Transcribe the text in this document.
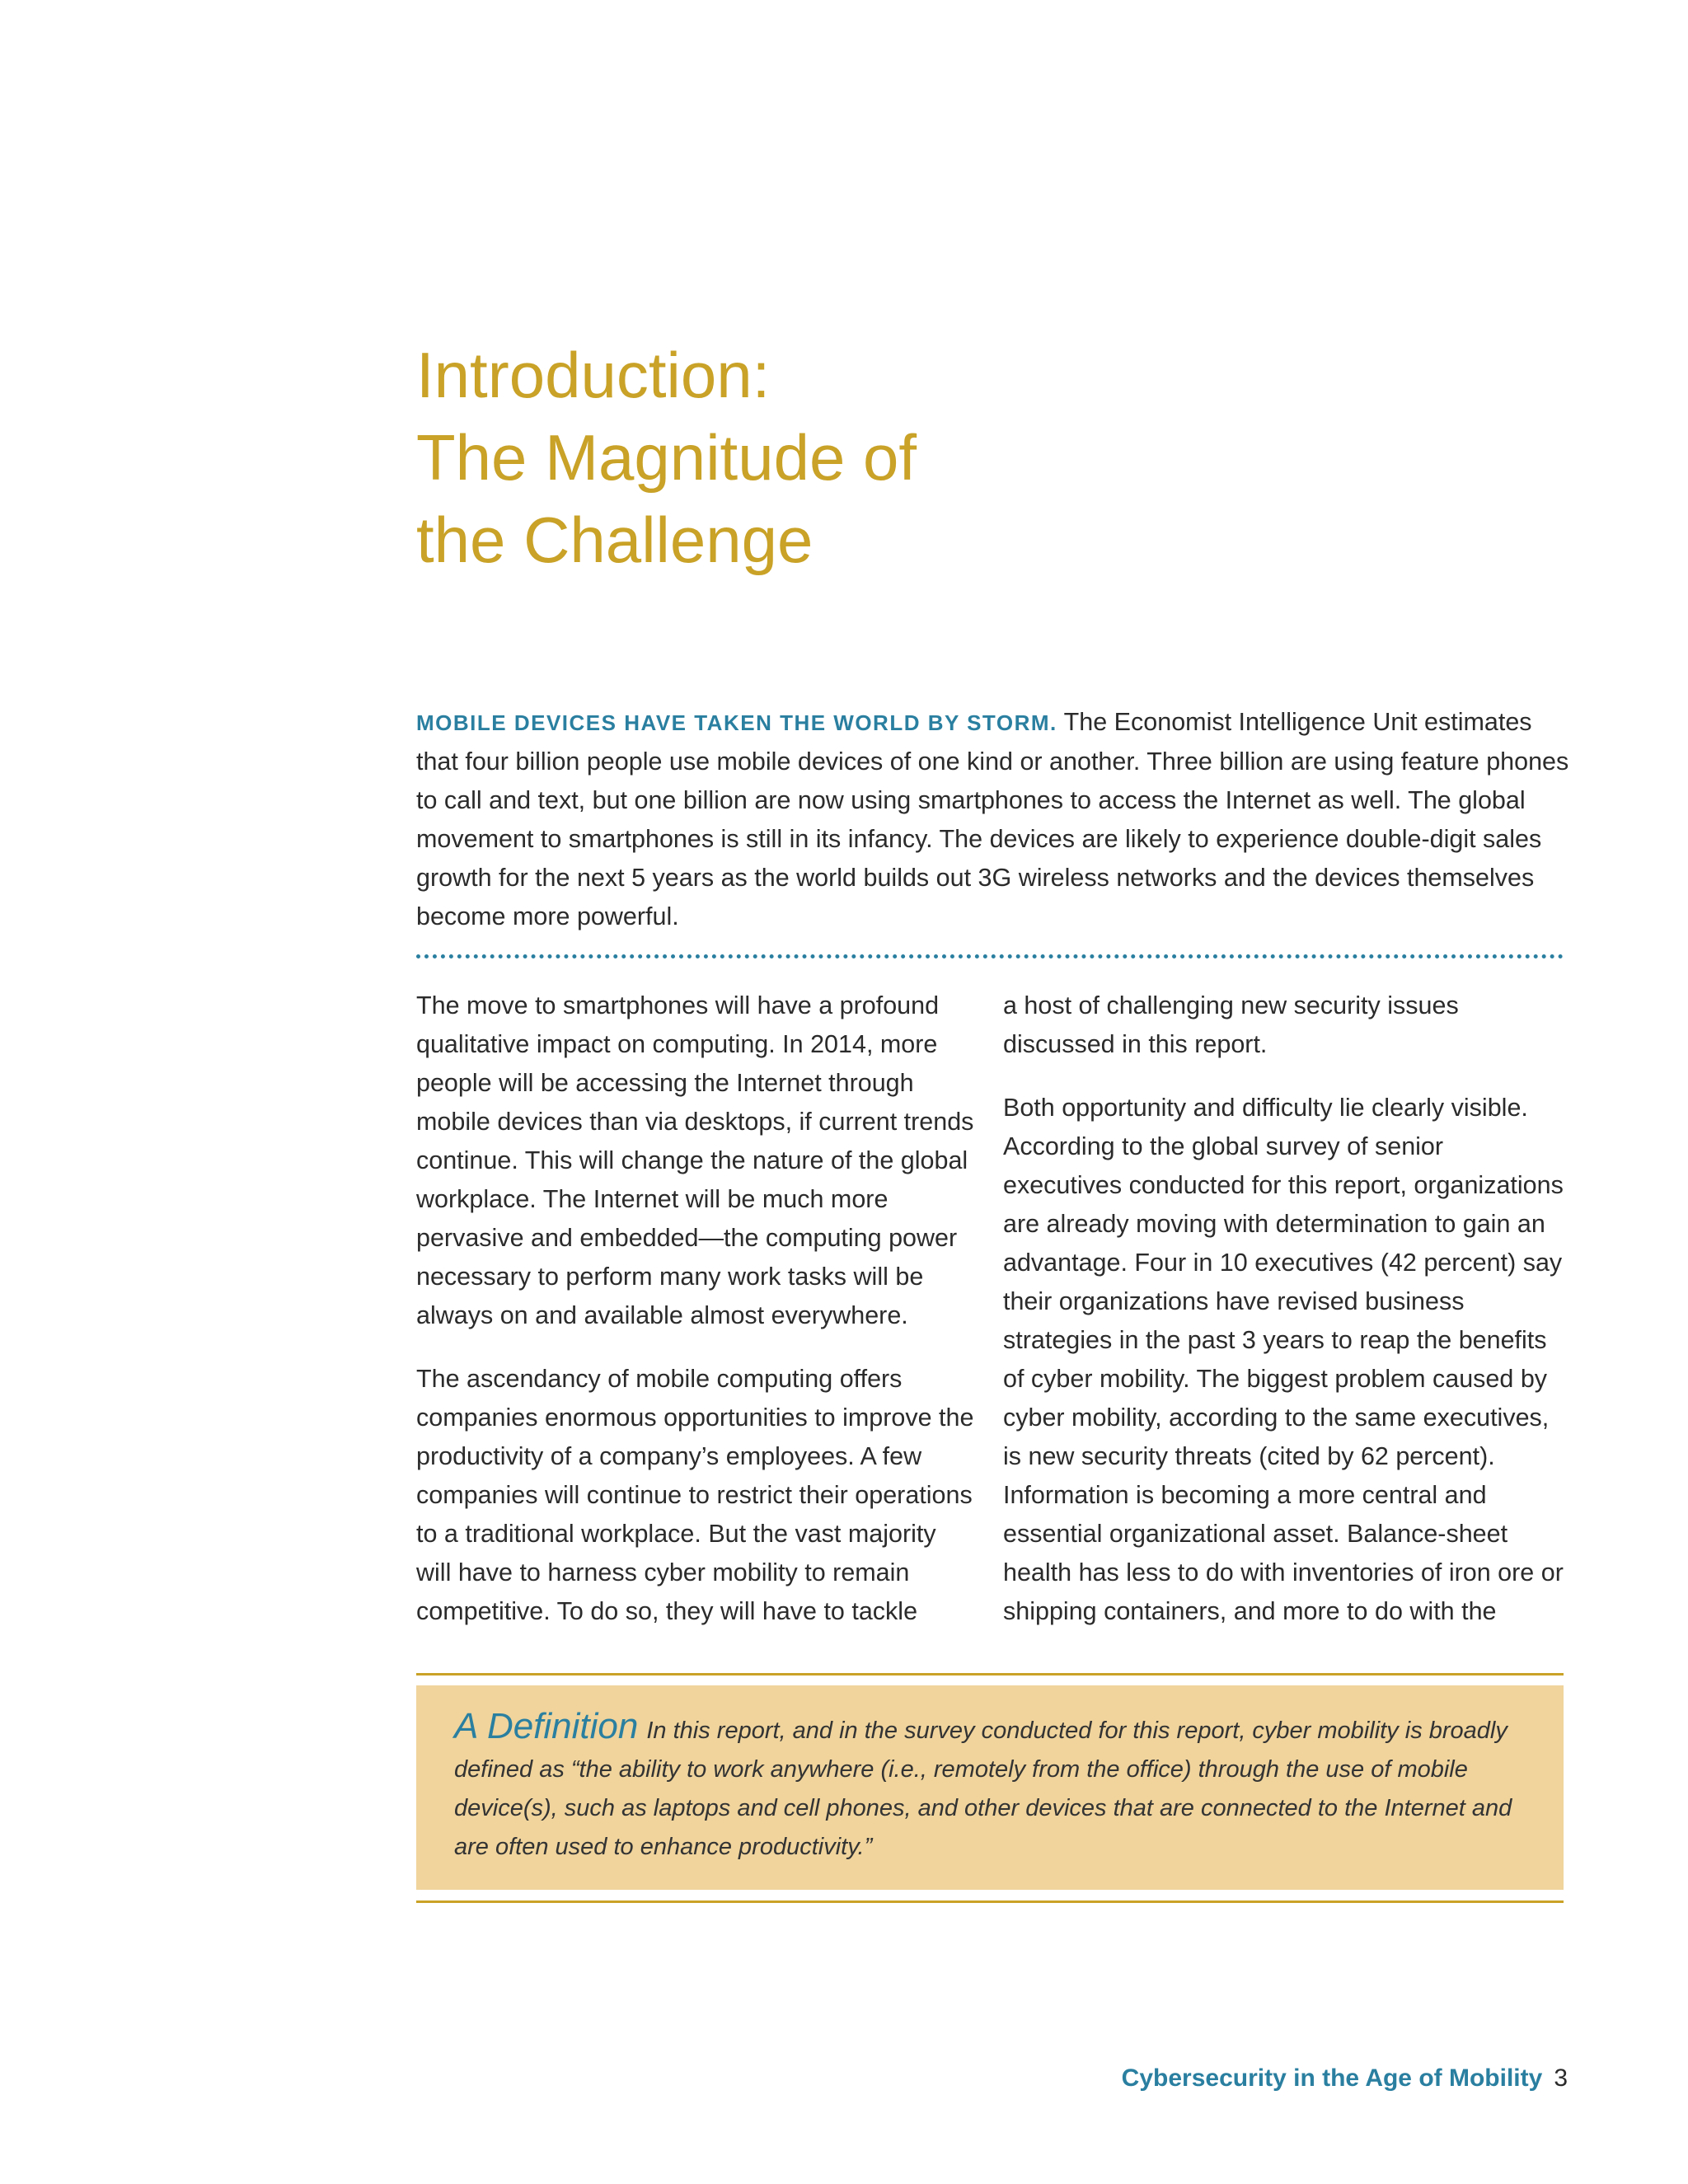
Introduction:
The Magnitude of
the Challenge

MOBILE DEVICES HAVE TAKEN THE WORLD BY STORM. The Economist Intelligence Unit estimates that four billion people use mobile devices of one kind or another. Three billion are using feature phones to call and text, but one billion are now using smartphones to access the Internet as well. The global movement to smartphones is still in its infancy. The devices are likely to experience double-digit sales growth for the next 5 years as the world builds out 3G wireless networks and the devices themselves become more powerful.

The move to smartphones will have a profound qualitative impact on computing. In 2014, more people will be accessing the Internet through mobile devices than via desktops, if current trends continue. This will change the nature of the global workplace. The Internet will be much more pervasive and embedded—the computing power necessary to perform many work tasks will be always on and available almost everywhere.

The ascendancy of mobile computing offers companies enormous opportunities to improve the productivity of a company’s employees. A few companies will continue to restrict their operations to a traditional workplace. But the vast majority will have to harness cyber mobility to remain competitive. To do so, they will have to tackle

a host of challenging new security issues discussed in this report.

Both opportunity and difficulty lie clearly visible. According to the global survey of senior executives conducted for this report, organizations are already moving with determination to gain an advantage. Four in 10 executives (42 percent) say their organizations have revised business strategies in the past 3 years to reap the benefits of cyber mobility. The biggest problem caused by cyber mobility, according to the same executives, is new security threats (cited by 62 percent). Information is becoming a more central and essential organizational asset. Balance-sheet health has less to do with inventories of iron ore or shipping containers, and more to do with the

A Definition In this report, and in the survey conducted for this report, cyber mobility is broadly defined as “the ability to work anywhere (i.e., remotely from the office) through the use of mobile device(s), such as laptops and cell phones, and other devices that are connected to the Internet and are often used to enhance productivity.”
Cybersecurity in the Age of Mobility 3
